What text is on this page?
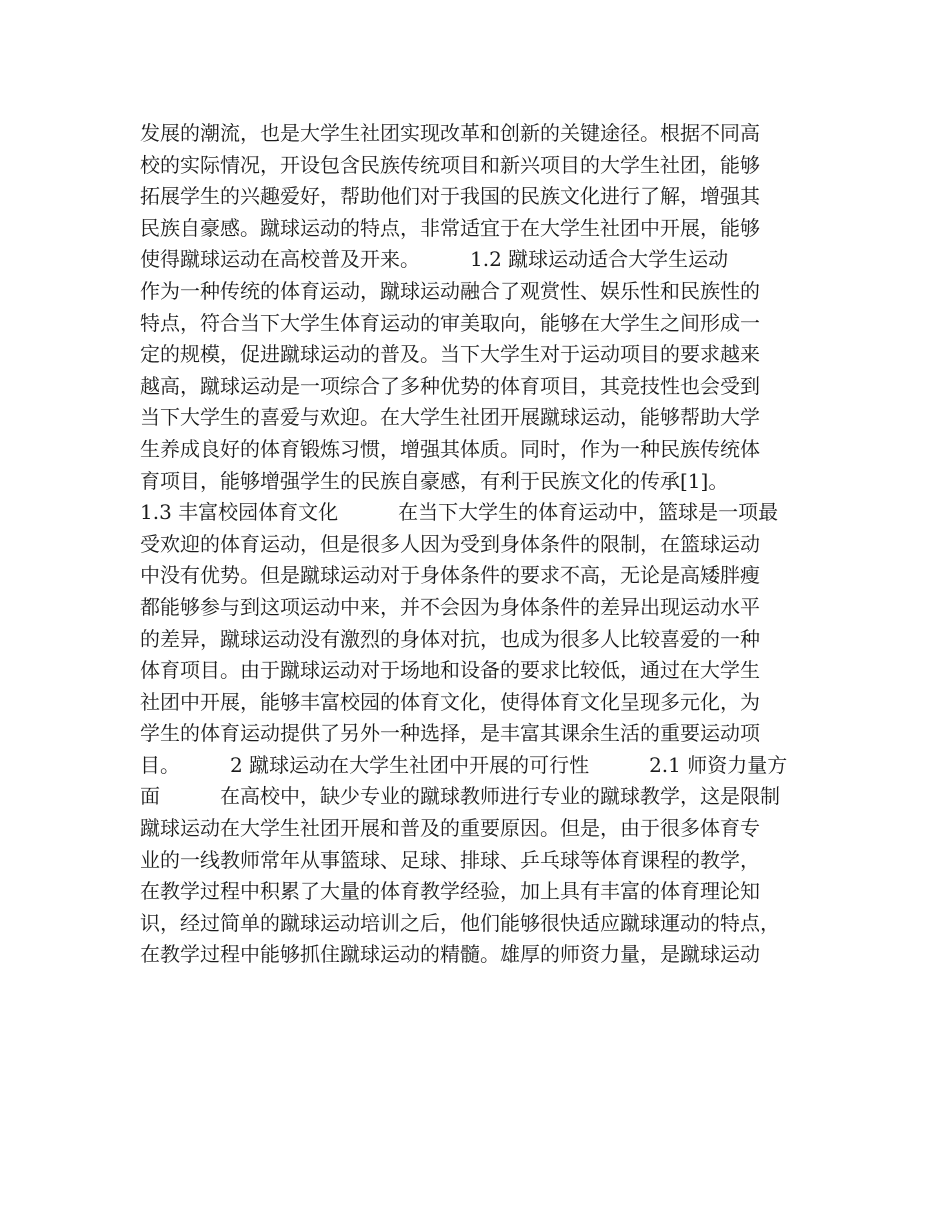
发展的潮流，也是大学生社团实现改革和创新的关键途径。根据不同高
校的实际情况，开设包含民族传统项目和新兴项目的大学生社团，能够
拓展学生的兴趣爱好，帮助他们对于我国的民族文化进行了解，增强其
民族自豪感。蹴球运动的特点，非常适宜于在大学生社团中开展，能够
使得蹴球运动在高校普及开来。　　　1.2 蹴球运动适合大学生运动
作为一种传统的体育运动，蹴球运动融合了观赏性、娱乐性和民族性的
特点，符合当下大学生体育运动的审美取向，能够在大学生之间形成一
定的规模，促进蹴球运动的普及。当下大学生对于运动项目的要求越来
越高，蹴球运动是一项综合了多种优势的体育项目，其竞技性也会受到
当下大学生的喜爱与欢迎。在大学生社团开展蹴球运动，能够帮助大学
生养成良好的体育锻炼习惯，增强其体质。同时，作为一种民族传统体
育项目，能够增强学生的民族自豪感，有利于民族文化的传承[1]。
1.3 丰富校园体育文化　　　在当下大学生的体育运动中，篮球是一项最
受欢迎的体育运动，但是很多人因为受到身体条件的限制，在篮球运动
中没有优势。但是蹴球运动对于身体条件的要求不高，无论是高矮胖瘦
都能够参与到这项运动中来，并不会因为身体条件的差异出现运动水平
的差异，蹴球运动没有激烈的身体对抗，也成为很多人比较喜爱的一种
体育项目。由于蹴球运动对于场地和设备的要求比较低，通过在大学生
社团中开展，能够丰富校园的体育文化，使得体育文化呈现多元化，为
学生的体育运动提供了另外一种选择，是丰富其课余生活的重要运动项
目。　　　2 蹴球运动在大学生社团中开展的可行性　　　2.1 师资力量方
面　　　在高校中，缺少专业的蹴球教师进行专业的蹴球教学，这是限制
蹴球运动在大学生社团开展和普及的重要原因。但是，由于很多体育专
业的一线教师常年从事篮球、足球、排球、乒乓球等体育课程的教学，
在教学过程中积累了大量的体育教学经验，加上具有丰富的体育理论知
识，经过简单的蹴球运动培训之后，他们能够很快适应蹴球運动的特点，
在教学过程中能够抓住蹴球运动的精髓。雄厚的师资力量，是蹴球运动
